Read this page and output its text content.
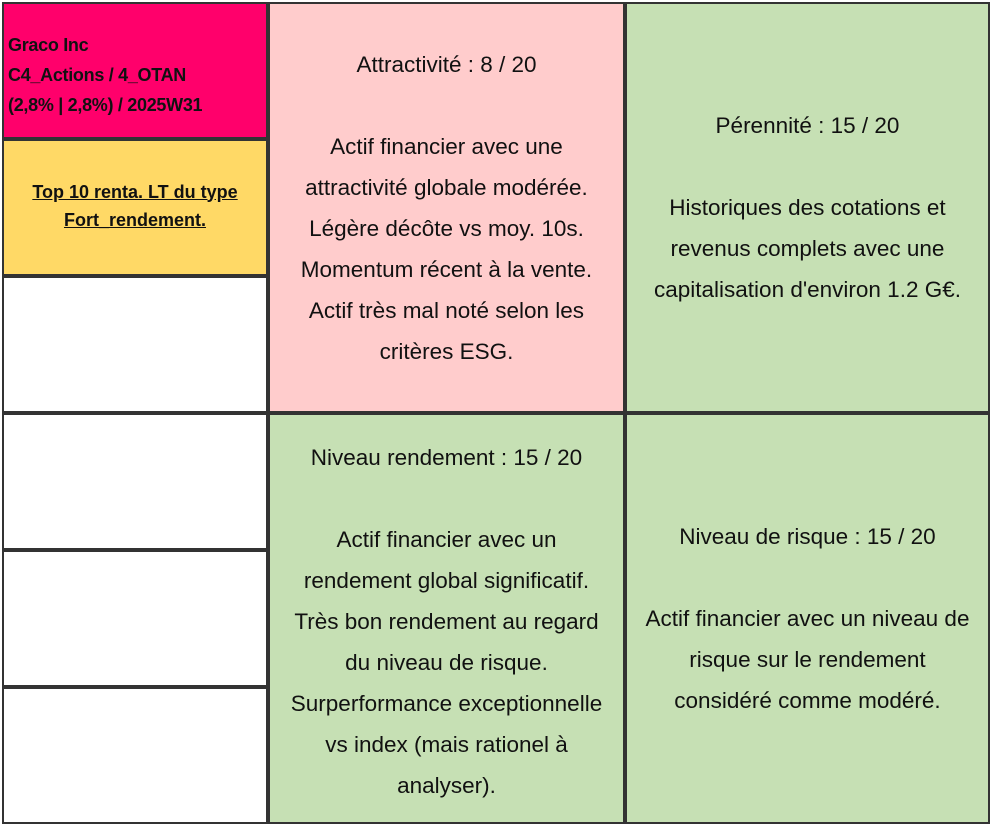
Graco Inc
C4_Actions / 4_OTAN
(2,8% | 2,8%) / 2025W31
Top 10 renta. LT du type
Fort_rendement.
Attractivité : 8 / 20
Actif financier avec une
attractivité globale modérée.
Légère décôte vs moy. 10s.
Momentum récent à la vente.
Actif très mal noté selon les
critères ESG.
Pérennité : 15 / 20
Historiques des cotations et
revenus complets avec une
capitalisation d'environ 1.2 G€.
Niveau rendement : 15 / 20
Actif financier avec un
rendement global significatif.
Très bon rendement au regard
du niveau de risque.
Surperformance exceptionnelle
vs index (mais rationel à
analyser).
Niveau de risque : 15 / 20
Actif financier avec un niveau de
risque sur le rendement
considéré comme modéré.
